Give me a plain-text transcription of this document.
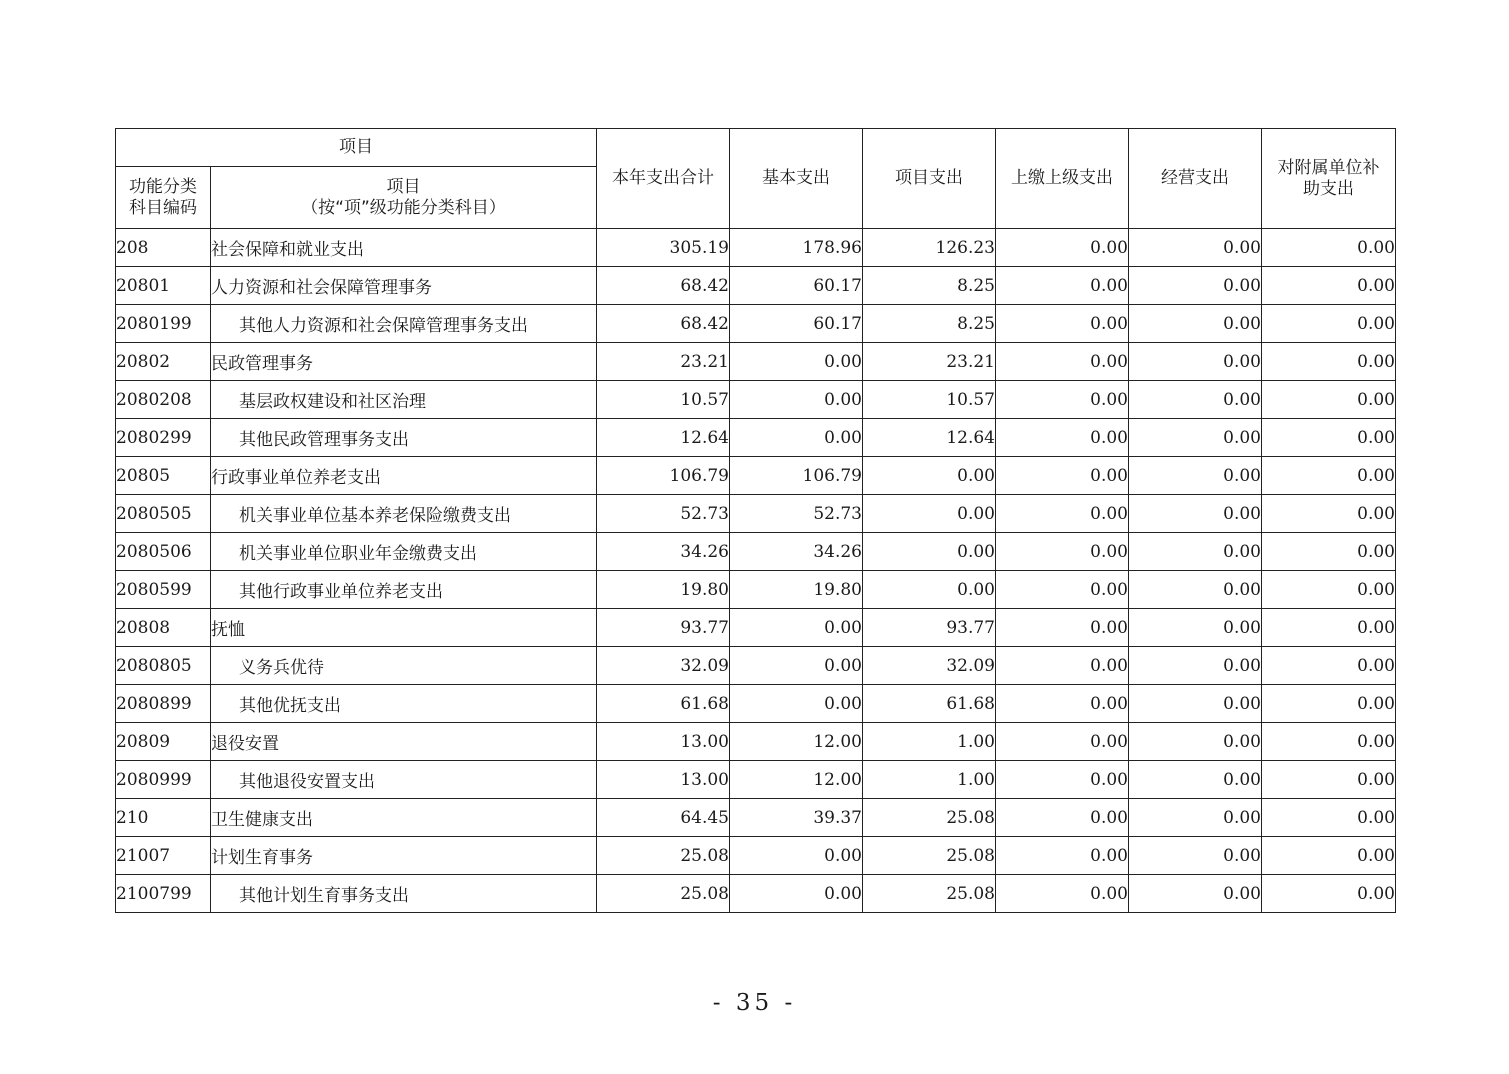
项目		本年支出合计	基本支出	项目支出	上缴上级支出	经营支出	对附属单位补
助支出
功能分类
科目编码	项目
（按“项”级功能分类科目）						
208	社会保障和就业支出	305.19	178.96	126.23	0.00	0.00	0.00
20801	人力资源和社会保障管理事务	68.42	60.17	8.25	0.00	0.00	0.00
2080199	其他人力资源和社会保障管理事务支出	68.42	60.17	8.25	0.00	0.00	0.00
20802	民政管理事务	23.21	0.00	23.21	0.00	0.00	0.00
2080208	基层政权建设和社区治理	10.57	0.00	10.57	0.00	0.00	0.00
2080299	其他民政管理事务支出	12.64	0.00	12.64	0.00	0.00	0.00
20805	行政事业单位养老支出	106.79	106.79	0.00	0.00	0.00	0.00
2080505	机关事业单位基本养老保险缴费支出	52.73	52.73	0.00	0.00	0.00	0.00
2080506	机关事业单位职业年金缴费支出	34.26	34.26	0.00	0.00	0.00	0.00
2080599	其他行政事业单位养老支出	19.80	19.80	0.00	0.00	0.00	0.00
20808	抚恤	93.77	0.00	93.77	0.00	0.00	0.00
2080805	义务兵优待	32.09	0.00	32.09	0.00	0.00	0.00
2080899	其他优抚支出	61.68	0.00	61.68	0.00	0.00	0.00
20809	退役安置	13.00	12.00	1.00	0.00	0.00	0.00
2080999	其他退役安置支出	13.00	12.00	1.00	0.00	0.00	0.00
210	卫生健康支出	64.45	39.37	25.08	0.00	0.00	0.00
21007	计划生育事务	25.08	0.00	25.08	0.00	0.00	0.00
2100799	其他计划生育事务支出	25.08	0.00	25.08	0.00	0.00	0.00
- 35 -
